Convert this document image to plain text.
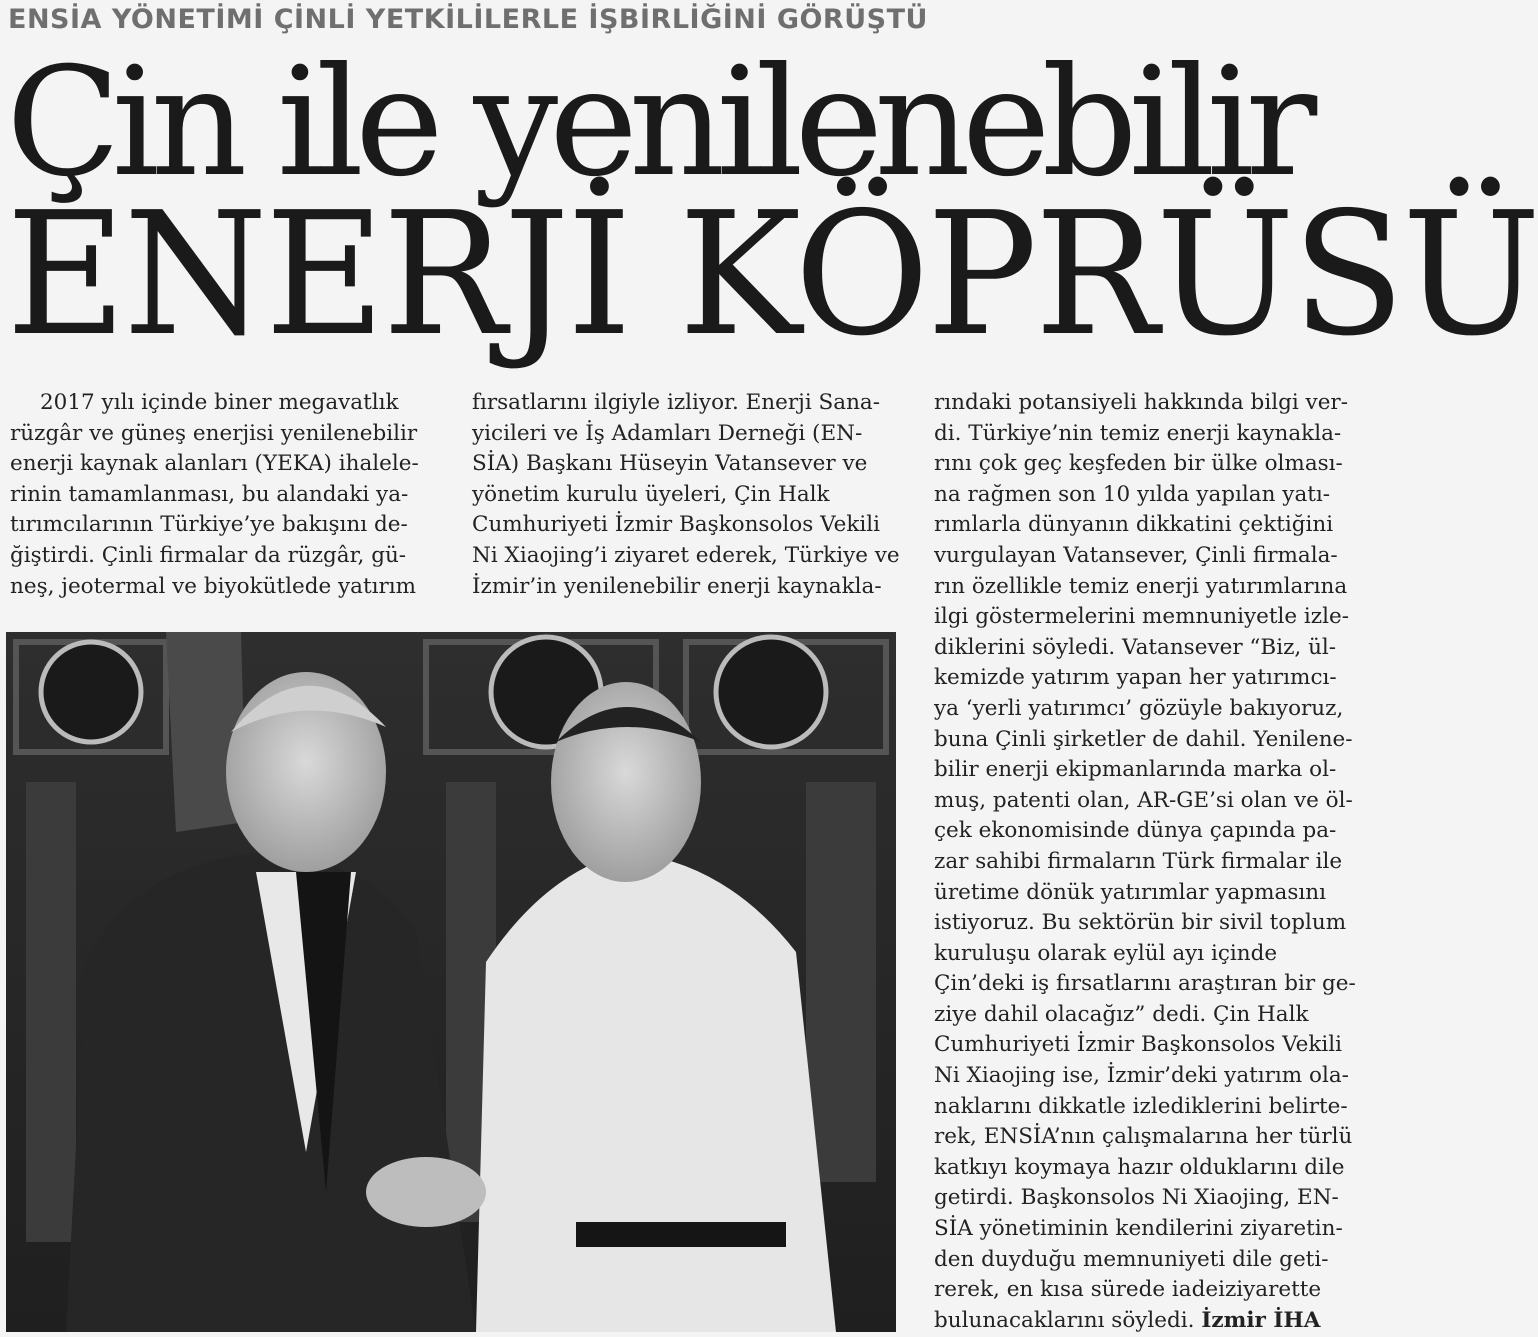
ENSİA YÖNETİMİ ÇİNLİ YETKİLİLERLE İŞBİRLİĞİNİ GÖRÜŞTÜ
Çin ile yenilenebilir
ENERJİ KÖPRÜSÜ
2017 yılı içinde biner megavatlık
rüzgâr ve güneş enerjisi yenilenebilir
enerji kaynak alanları (YEKA) ihalele-
rinin tamamlanması, bu alandaki ya-
tırımcılarının Türkiye’ye bakışını de-
ğiştirdi. Çinli firmalar da rüzgâr, gü-
neş, jeotermal ve biyokütlede yatırım
fırsatlarını ilgiyle izliyor. Enerji Sana-
yicileri ve İş Adamları Derneği (EN-
SİA) Başkanı Hüseyin Vatansever ve
yönetim kurulu üyeleri, Çin Halk
Cumhuriyeti İzmir Başkonsolos Vekili
Ni Xiaojing’i ziyaret ederek, Türkiye ve
İzmir’in yenilenebilir enerji kaynakla-
rındaki potansiyeli hakkında bilgi ver-
di. Türkiye’nin temiz enerji kaynakla-
rını çok geç keşfeden bir ülke olması-
na rağmen son 10 yılda yapılan yatı-
rımlarla dünyanın dikkatini çektiğini
vurgulayan Vatansever, Çinli firmala-
rın özellikle temiz enerji yatırımlarına
ilgi göstermelerini memnuniyetle izle-
diklerini söyledi. Vatansever “Biz, ül-
kemizde yatırım yapan her yatırımcı-
ya ‘yerli yatırımcı’ gözüyle bakıyoruz,
buna Çinli şirketler de dahil. Yenilene-
bilir enerji ekipmanlarında marka ol-
muş, patenti olan, AR-GE’si olan ve öl-
çek ekonomisinde dünya çapında pa-
zar sahibi firmaların Türk firmalar ile
üretime dönük yatırımlar yapmasını
istiyoruz. Bu sektörün bir sivil toplum
kuruluşu olarak eylül ayı içinde
Çin’deki iş fırsatlarını araştıran bir ge-
ziye dahil olacağız” dedi. Çin Halk
Cumhuriyeti İzmir Başkonsolos Vekili
Ni Xiaojing ise, İzmir’deki yatırım ola-
naklarını dikkatle izlediklerini belirte-
rek, ENSİA’nın çalışmalarına her türlü
katkıyı koymaya hazır olduklarını dile
getirdi. Başkonsolos Ni Xiaojing, EN-
SİA yönetiminin kendilerini ziyaretin-
den duyduğu memnuniyeti dile geti-
rerek, en kısa sürede iadeiziyarette
bulunacaklarını söyledi. İzmir İHA
